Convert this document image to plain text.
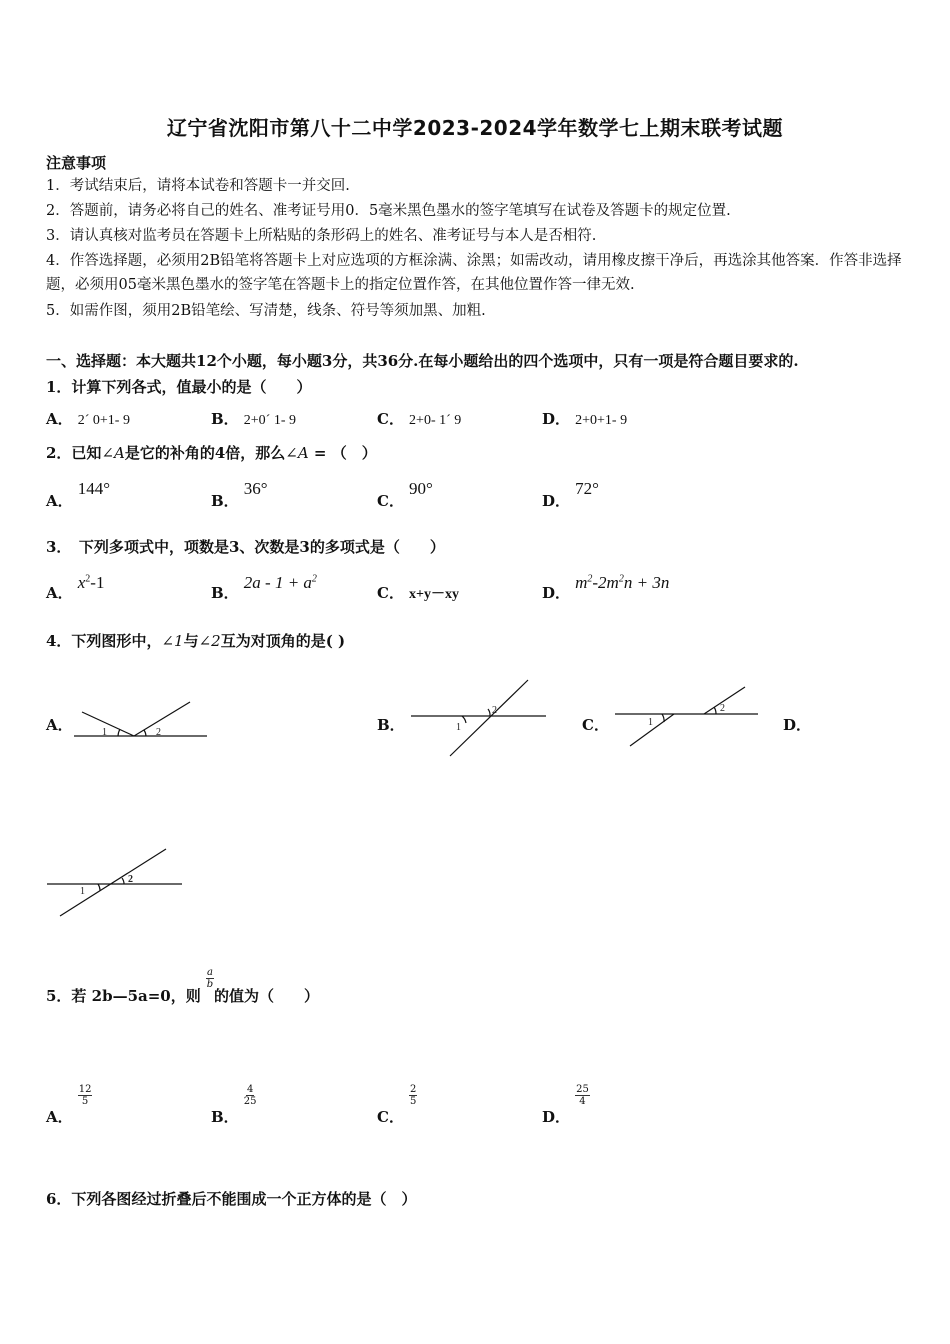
辽宁省沈阳市第八十二中学2023-2024学年数学七上期末联考试题
注意事项
1．考试结束后，请将本试卷和答题卡一并交回.
2．答题前，请务必将自己的姓名、准考证号用0．5毫米黑色墨水的签字笔填写在试卷及答题卡的规定位置.
3．请认真核对监考员在答题卡上所粘贴的条形码上的姓名、准考证号与本人是否相符.
4．作答选择题，必须用2B铅笔将答题卡上对应选项的方框涂满、涂黑；如需改动，请用橡皮擦干净后，再选涂其他答案．作答非选择题，必须用05毫米黑色墨水的签字笔在答题卡上的指定位置作答，在其他位置作答一律无效.
5．如需作图，须用2B铅笔绘、写清楚，线条、符号等须加黑、加粗.
一、选择题：本大题共12个小题，每小题3分，共36分.在每小题给出的四个选项中，只有一项是符合题目要求的.
1．计算下列各式，值最小的是（　　）
A． 2´ 0+1- 9	B． 2+0´ 1- 9	C． 2+0- 1´ 9	D． 2+0+1- 9
2．已知∠A是它的补角的4倍，那么∠A = （　）
A． 144°
B． 36°
C． 90°
D． 72°
3．　下列多项式中，项数是3、次数是3的多项式是（　　）
A． $x^2-1$
B． $2a - 1 + a^2$
C． x+y－xy	D． $m^2-2m^2n + 3n$
4．下列图形中，∠1与∠2互为对顶角的是( )
A．	1	2	B．
2
1	C．	1
2
D．
1
2
5．若 2b—5a=0，则
$\frac{a}{b}$
的值为（　　）
A．
$\frac{12}{5}$
B．
$\frac{4}{25}$
C．
$\frac{2}{5}$
D．
$\frac{25}{4}$
6．下列各图经过折叠后不能围成一个正方体的是（　）
